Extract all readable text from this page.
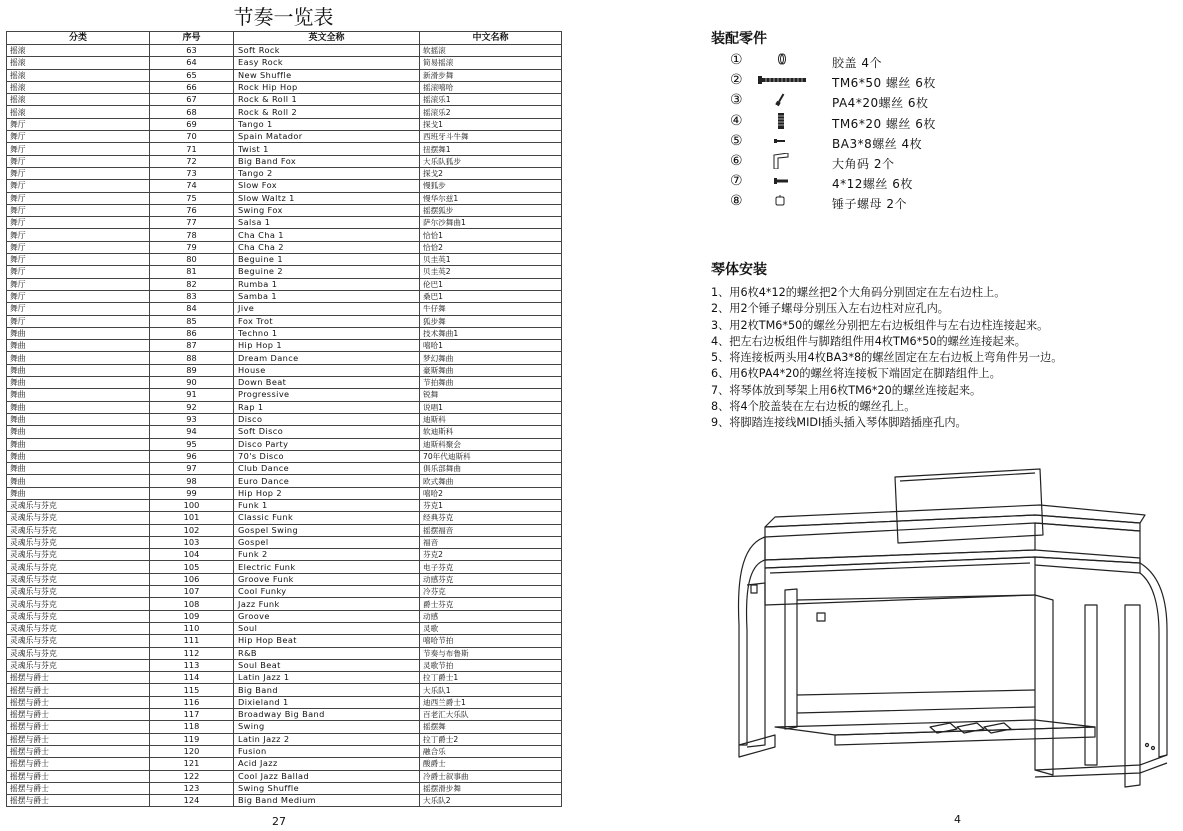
节奏一览表
分类	序号	英文全称	中文名称
摇滚	63	Soft Rock	软摇滚
摇滚	64	Easy Rock	简易摇滚
摇滚	65	New Shuffle	新滑步舞
摇滚	66	Rock Hip Hop	摇滚嘻哈
摇滚	67	Rock & Roll 1	摇滚乐1
摇滚	68	Rock & Roll 2	摇滚乐2
舞厅	69	Tango 1	探戈1
舞厅	70	Spain Matador	西班牙斗牛舞
舞厅	71	Twist 1	扭摆舞1
舞厅	72	Big Band Fox	大乐队狐步
舞厅	73	Tango 2	探戈2
舞厅	74	Slow Fox	慢狐步
舞厅	75	Slow Waltz 1	慢华尔兹1
舞厅	76	Swing Fox	摇摆狐步
舞厅	77	Salsa 1	萨尔沙舞曲1
舞厅	78	Cha Cha 1	恰恰1
舞厅	79	Cha Cha 2	恰恰2
舞厅	80	Beguine 1	贝圭英1
舞厅	81	Beguine 2	贝圭英2
舞厅	82	Rumba 1	伦巴1
舞厅	83	Samba 1	桑巴1
舞厅	84	Jive	牛仔舞
舞厅	85	Fox Trot	狐步舞
舞曲	86	Techno 1	技术舞曲1
舞曲	87	Hip Hop 1	嘻哈1
舞曲	88	Dream Dance	梦幻舞曲
舞曲	89	House	豪斯舞曲
舞曲	90	Down Beat	节拍舞曲
舞曲	91	Progressive	锐舞
舞曲	92	Rap 1	说唱1
舞曲	93	Disco	迪斯科
舞曲	94	Soft Disco	软迪斯科
舞曲	95	Disco Party	迪斯科聚会
舞曲	96	70's Disco	70年代迪斯科
舞曲	97	Club Dance	俱乐部舞曲
舞曲	98	Euro Dance	欧式舞曲
舞曲	99	Hip Hop 2	嘻哈2
灵魂乐与芬克	100	Funk 1	芬克1
灵魂乐与芬克	101	Classic Funk	经典芬克
灵魂乐与芬克	102	Gospel Swing	摇摆福音
灵魂乐与芬克	103	Gospel	福音
灵魂乐与芬克	104	Funk 2	芬克2
灵魂乐与芬克	105	Electric Funk	电子芬克
灵魂乐与芬克	106	Groove Funk	动感芬克
灵魂乐与芬克	107	Cool Funky	冷芬克
灵魂乐与芬克	108	Jazz Funk	爵士芬克
灵魂乐与芬克	109	Groove	动感
灵魂乐与芬克	110	Soul	灵歌
灵魂乐与芬克	111	Hip Hop Beat	嘻哈节拍
灵魂乐与芬克	112	R&B	节奏与布鲁斯
灵魂乐与芬克	113	Soul Beat	灵歌节拍
摇摆与爵士	114	Latin Jazz 1	拉丁爵士1
摇摆与爵士	115	Big Band	大乐队1
摇摆与爵士	116	Dixieland 1	迪西兰爵士1
摇摆与爵士	117	Broadway Big Band	百老汇大乐队
摇摆与爵士	118	Swing	摇摆舞
摇摆与爵士	119	Latin Jazz 2	拉丁爵士2
摇摆与爵士	120	Fusion	融合乐
摇摆与爵士	121	Acid Jazz	酸爵士
摇摆与爵士	122	Cool Jazz Ballad	冷爵士叙事曲
摇摆与爵士	123	Swing Shuffle	摇摆滑步舞
摇摆与爵士	124	Big Band Medium	大乐队2
27
装配零件
①	胶盖 4个
②	TM6*50 螺丝 6枚
③	PA4*20螺丝 6枚
④	TM6*20 螺丝 6枚
⑤	BA3*8螺丝 4枚
⑥	大角码 2个
⑦	4*12螺丝 6枚
⑧	锤子螺母 2个
琴体安装
1、用6枚4*12的螺丝把2个大角码分别固定在左右边柱上。
2、用2个锤子螺母分别压入左右边柱对应孔内。
3、用2枚TM6*50的螺丝分别把左右边板组件与左右边柱连接起来。
4、把左右边板组件与脚踏组件用4枚TM6*50的螺丝连接起来。
5、将连接板两头用4枚BA3*8的螺丝固定在左右边板上弯角件另一边。
6、用6枚PA4*20的螺丝将连接板下端固定在脚踏组件上。
7、将琴体放到琴架上用6枚TM6*20的螺丝连接起来。
8、将4个胶盖装在左右边板的螺丝孔上。
9、将脚踏连接线MIDI插头插入琴体脚踏插座孔内。
4
